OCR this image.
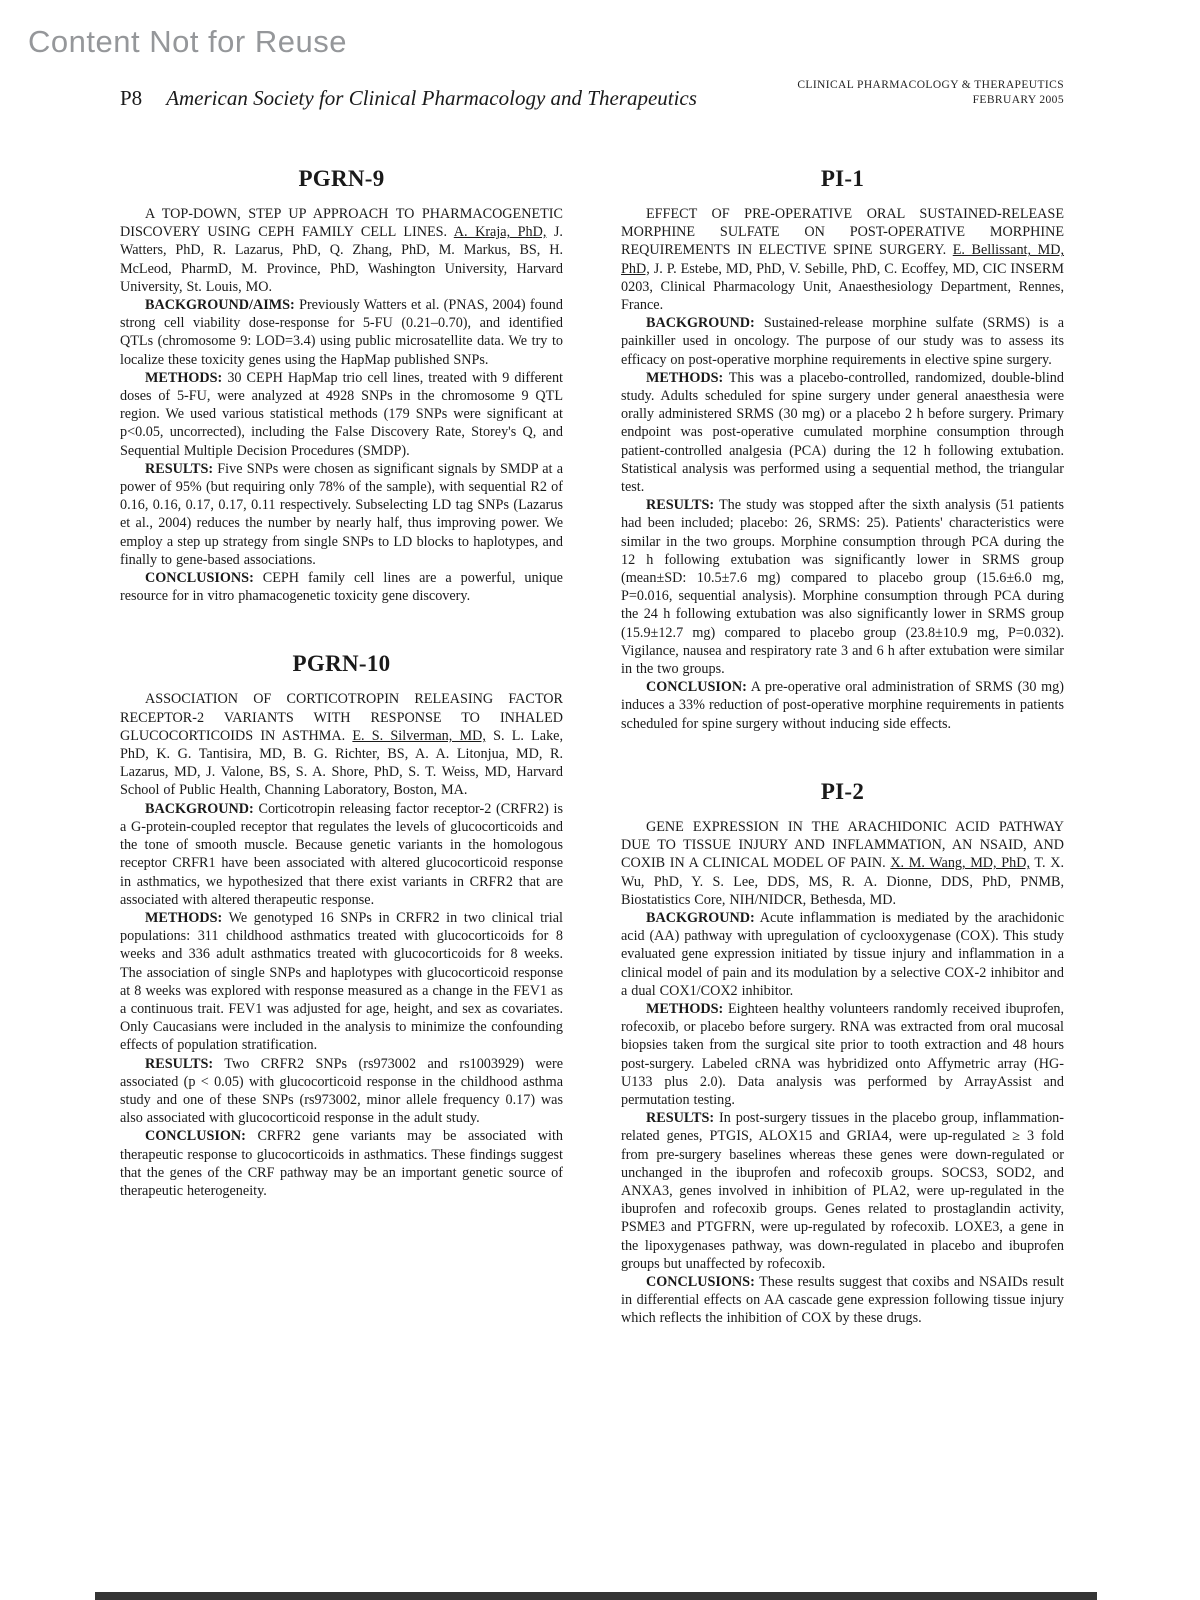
Content Not for Reuse
P8 American Society for Clinical Pharmacology and Therapeutics
CLINICAL PHARMACOLOGY & THERAPEUTICS
FEBRUARY 2005
PGRN-9

A TOP-DOWN, STEP UP APPROACH TO PHARMACOGENETIC DISCOVERY USING CEPH FAMILY CELL LINES. A. Kraja, PhD, J. Watters, PhD, R. Lazarus, PhD, Q. Zhang, PhD, M. Markus, BS, H. McLeod, PharmD, M. Province, PhD, Washington University, Harvard University, St. Louis, MO.

BACKGROUND/AIMS: Previously Watters et al. (PNAS, 2004) found strong cell viability dose-response for 5-FU (0.21–0.70), and identified QTLs (chromosome 9: LOD=3.4) using public microsatellite data. We try to localize these toxicity genes using the HapMap published SNPs.

METHODS: 30 CEPH HapMap trio cell lines, treated with 9 different doses of 5-FU, were analyzed at 4928 SNPs in the chromosome 9 QTL region. We used various statistical methods (179 SNPs were significant at p<0.05, uncorrected), including the False Discovery Rate, Storey's Q, and Sequential Multiple Decision Procedures (SMDP).

RESULTS: Five SNPs were chosen as significant signals by SMDP at a power of 95% (but requiring only 78% of the sample), with sequential R2 of 0.16, 0.16, 0.17, 0.17, 0.11 respectively. Subselecting LD tag SNPs (Lazarus et al., 2004) reduces the number by nearly half, thus improving power. We employ a step up strategy from single SNPs to LD blocks to haplotypes, and finally to gene-based associations.

CONCLUSIONS: CEPH family cell lines are a powerful, unique resource for in vitro phamacogenetic toxicity gene discovery.

PGRN-10

ASSOCIATION OF CORTICOTROPIN RELEASING FACTOR RECEPTOR-2 VARIANTS WITH RESPONSE TO INHALED GLUCOCORTICOIDS IN ASTHMA. E. S. Silverman, MD, S. L. Lake, PhD, K. G. Tantisira, MD, B. G. Richter, BS, A. A. Litonjua, MD, R. Lazarus, MD, J. Valone, BS, S. A. Shore, PhD, S. T. Weiss, MD, Harvard School of Public Health, Channing Laboratory, Boston, MA.

BACKGROUND: Corticotropin releasing factor receptor-2 (CRFR2) is a G-protein-coupled receptor that regulates the levels of glucocorticoids and the tone of smooth muscle. Because genetic variants in the homologous receptor CRFR1 have been associated with altered glucocorticoid response in asthmatics, we hypothesized that there exist variants in CRFR2 that are associated with altered therapeutic response.

METHODS: We genotyped 16 SNPs in CRFR2 in two clinical trial populations: 311 childhood asthmatics treated with glucocorticoids for 8 weeks and 336 adult asthmatics treated with glucocorticoids for 8 weeks. The association of single SNPs and haplotypes with glucocorticoid response at 8 weeks was explored with response measured as a change in the FEV1 as a continuous trait. FEV1 was adjusted for age, height, and sex as covariates. Only Caucasians were included in the analysis to minimize the confounding effects of population stratification.

RESULTS: Two CRFR2 SNPs (rs973002 and rs1003929) were associated (p < 0.05) with glucocorticoid response in the childhood asthma study and one of these SNPs (rs973002, minor allele frequency 0.17) was also associated with glucocorticoid response in the adult study.

CONCLUSION: CRFR2 gene variants may be associated with therapeutic response to glucocorticoids in asthmatics. These findings suggest that the genes of the CRF pathway may be an important genetic source of therapeutic heterogeneity.

PI-1

EFFECT OF PRE-OPERATIVE ORAL SUSTAINED-RELEASE MORPHINE SULFATE ON POST-OPERATIVE MORPHINE REQUIREMENTS IN ELECTIVE SPINE SURGERY. E. Bellissant, MD, PhD, J. P. Estebe, MD, PhD, V. Sebille, PhD, C. Ecoffey, MD, CIC INSERM 0203, Clinical Pharmacology Unit, Anaesthesiology Department, Rennes, France.

BACKGROUND: Sustained-release morphine sulfate (SRMS) is a painkiller used in oncology. The purpose of our study was to assess its efficacy on post-operative morphine requirements in elective spine surgery.

METHODS: This was a placebo-controlled, randomized, double-blind study. Adults scheduled for spine surgery under general anaesthesia were orally administered SRMS (30 mg) or a placebo 2 h before surgery. Primary endpoint was post-operative cumulated morphine consumption through patient-controlled analgesia (PCA) during the 12 h following extubation. Statistical analysis was performed using a sequential method, the triangular test.

RESULTS: The study was stopped after the sixth analysis (51 patients had been included; placebo: 26, SRMS: 25). Patients' characteristics were similar in the two groups. Morphine consumption through PCA during the 12 h following extubation was significantly lower in SRMS group (mean±SD: 10.5±7.6 mg) compared to placebo group (15.6±6.0 mg, P=0.016, sequential analysis). Morphine consumption through PCA during the 24 h following extubation was also significantly lower in SRMS group (15.9±12.7 mg) compared to placebo group (23.8±10.9 mg, P=0.032). Vigilance, nausea and respiratory rate 3 and 6 h after extubation were similar in the two groups.

CONCLUSION: A pre-operative oral administration of SRMS (30 mg) induces a 33% reduction of post-operative morphine requirements in patients scheduled for spine surgery without inducing side effects.

PI-2

GENE EXPRESSION IN THE ARACHIDONIC ACID PATHWAY DUE TO TISSUE INJURY AND INFLAMMATION, AN NSAID, AND COXIB IN A CLINICAL MODEL OF PAIN. X. M. Wang, MD, PhD, T. X. Wu, PhD, Y. S. Lee, DDS, MS, R. A. Dionne, DDS, PhD, PNMB, Biostatistics Core, NIH/NIDCR, Bethesda, MD.

BACKGROUND: Acute inflammation is mediated by the arachidonic acid (AA) pathway with upregulation of cyclooxygenase (COX). This study evaluated gene expression initiated by tissue injury and inflammation in a clinical model of pain and its modulation by a selective COX-2 inhibitor and a dual COX1/COX2 inhibitor.

METHODS: Eighteen healthy volunteers randomly received ibuprofen, rofecoxib, or placebo before surgery. RNA was extracted from oral mucosal biopsies taken from the surgical site prior to tooth extraction and 48 hours post-surgery. Labeled cRNA was hybridized onto Affymetric array (HG-U133 plus 2.0). Data analysis was performed by ArrayAssist and permutation testing.

RESULTS: In post-surgery tissues in the placebo group, inflammation-related genes, PTGIS, ALOX15 and GRIA4, were up-regulated ≥ 3 fold from pre-surgery baselines whereas these genes were down-regulated or unchanged in the ibuprofen and rofecoxib groups. SOCS3, SOD2, and ANXA3, genes involved in inhibition of PLA2, were up-regulated in the ibuprofen and rofecoxib groups. Genes related to prostaglandin activity, PSME3 and PTGFRN, were up-regulated by rofecoxib. LOXE3, a gene in the lipoxygenases pathway, was down-regulated in placebo and ibuprofen groups but unaffected by rofecoxib.

CONCLUSIONS: These results suggest that coxibs and NSAIDs result in differential effects on AA cascade gene expression following tissue injury which reflects the inhibition of COX by these drugs.
